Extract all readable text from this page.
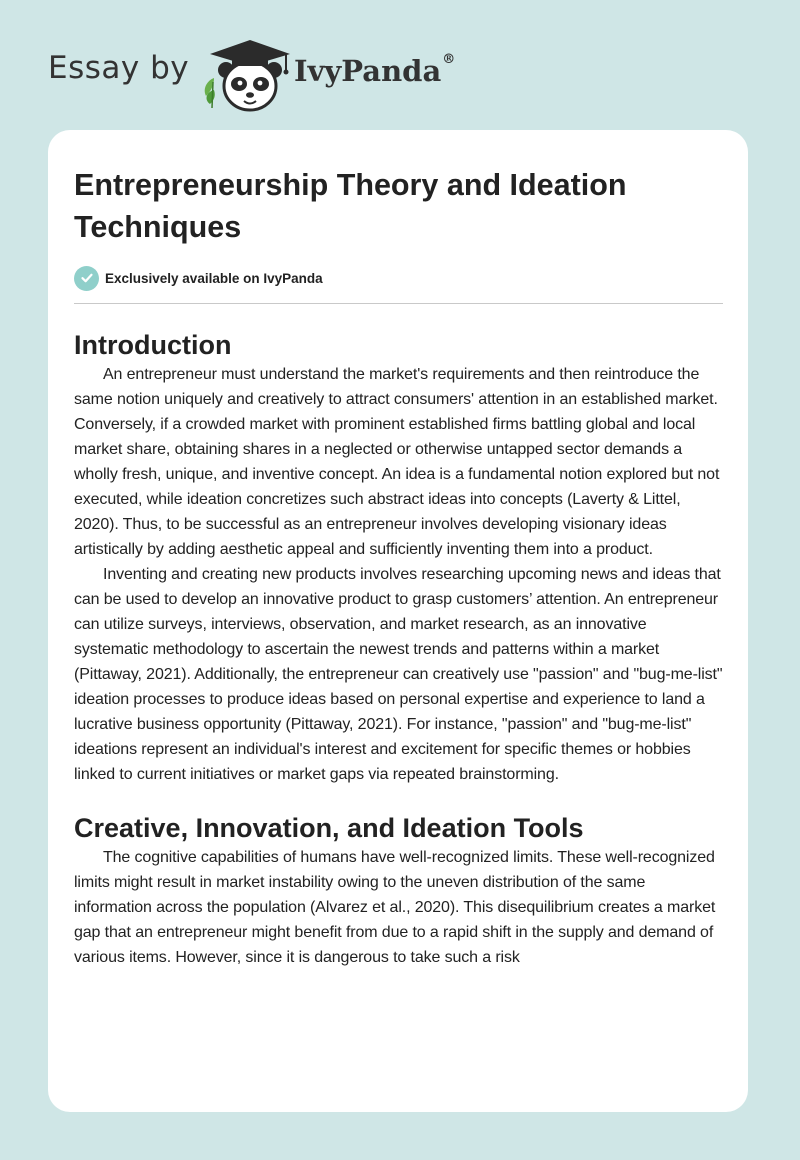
Essay by	IvyPanda®
Entrepreneurship Theory and Ideation Techniques
Exclusively available on IvyPanda
Introduction

An entrepreneur must understand the market's requirements and then reintroduce the same notion uniquely and creatively to attract consumers' attention in an established market. Conversely, if a crowded market with prominent established firms battling global and local market share, obtaining shares in a neglected or otherwise untapped sector demands a wholly fresh, unique, and inventive concept. An idea is a fundamental notion explored but not executed, while ideation concretizes such abstract ideas into concepts (Laverty & Littel, 2020). Thus, to be successful as an entrepreneur involves developing visionary ideas artistically by adding aesthetic appeal and sufficiently inventing them into a product.

Inventing and creating new products involves researching upcoming news and ideas that can be used to develop an innovative product to grasp customers’ attention. An entrepreneur can utilize surveys, interviews, observation, and market research, as an innovative systematic methodology to ascertain the newest trends and patterns within a market (Pittaway, 2021). Additionally, the entrepreneur can creatively use "passion" and "bug-me-list" ideation processes to produce ideas based on personal expertise and experience to land a lucrative business opportunity (Pittaway, 2021). For instance, "passion" and "bug-me-list" ideations represent an individual's interest and excitement for specific themes or hobbies linked to current initiatives or market gaps via repeated brainstorming.

Creative, Innovation, and Ideation Tools

The cognitive capabilities of humans have well-recognized limits. These well-recognized limits might result in market instability owing to the uneven distribution of the same information across the population (Alvarez et al., 2020). This disequilibrium creates a market gap that an entrepreneur might benefit from due to a rapid shift in the supply and demand of various items. However, since it is dangerous to take such a risk
